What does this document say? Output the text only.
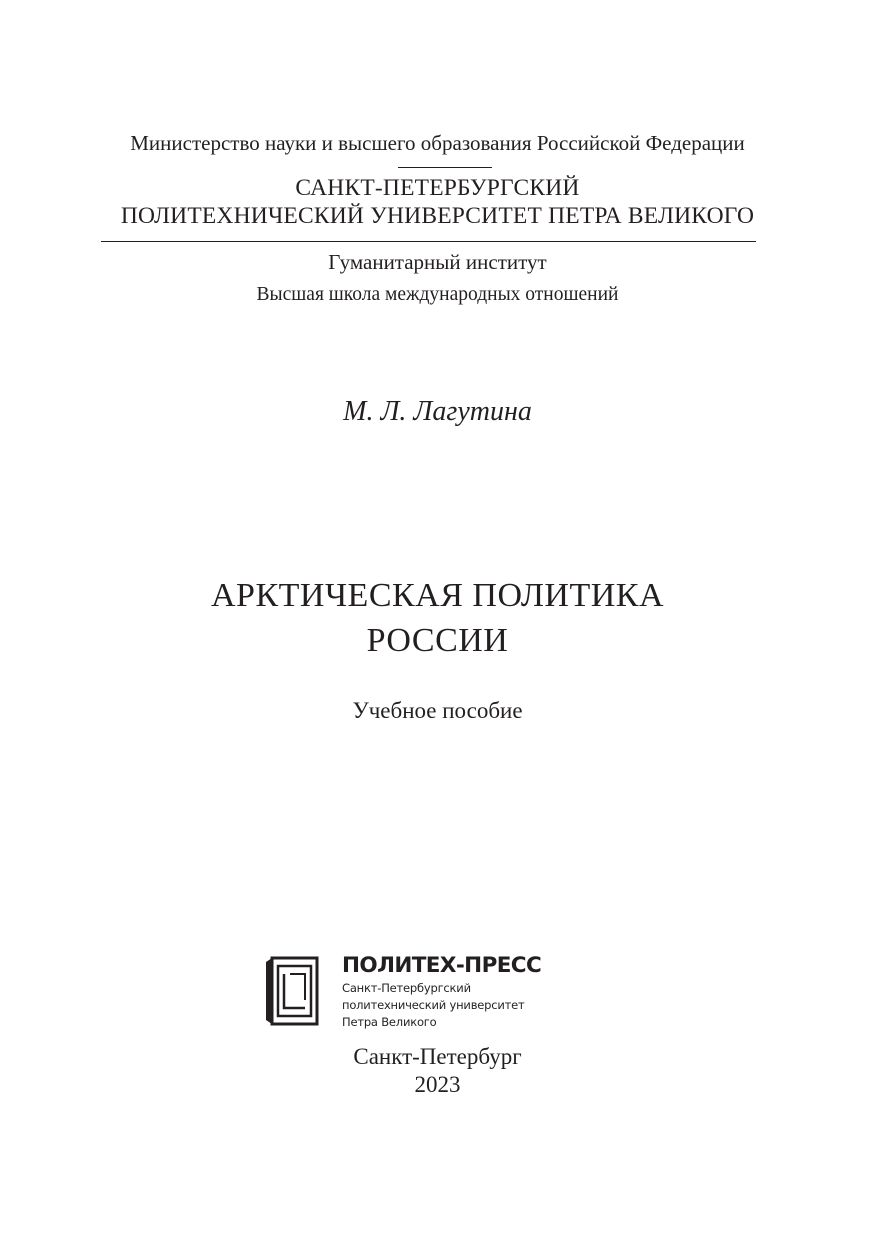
Министерство науки и высшего образования Российской Федерации
САНКТ-ПЕТЕРБУРГСКИЙ
ПОЛИТЕХНИЧЕСКИЙ УНИВЕРСИТЕТ ПЕТРА ВЕЛИКОГО
Гуманитарный институт
Высшая школа международных отношений
М. Л. Лагутина
АРКТИЧЕСКАЯ ПОЛИТИКА
РОССИИ
Учебное пособие
ПОЛИТЕХ-ПРЕСС
Санкт-Петербургский
политехнический университет
Петра Великого
Санкт-Петербург
2023
